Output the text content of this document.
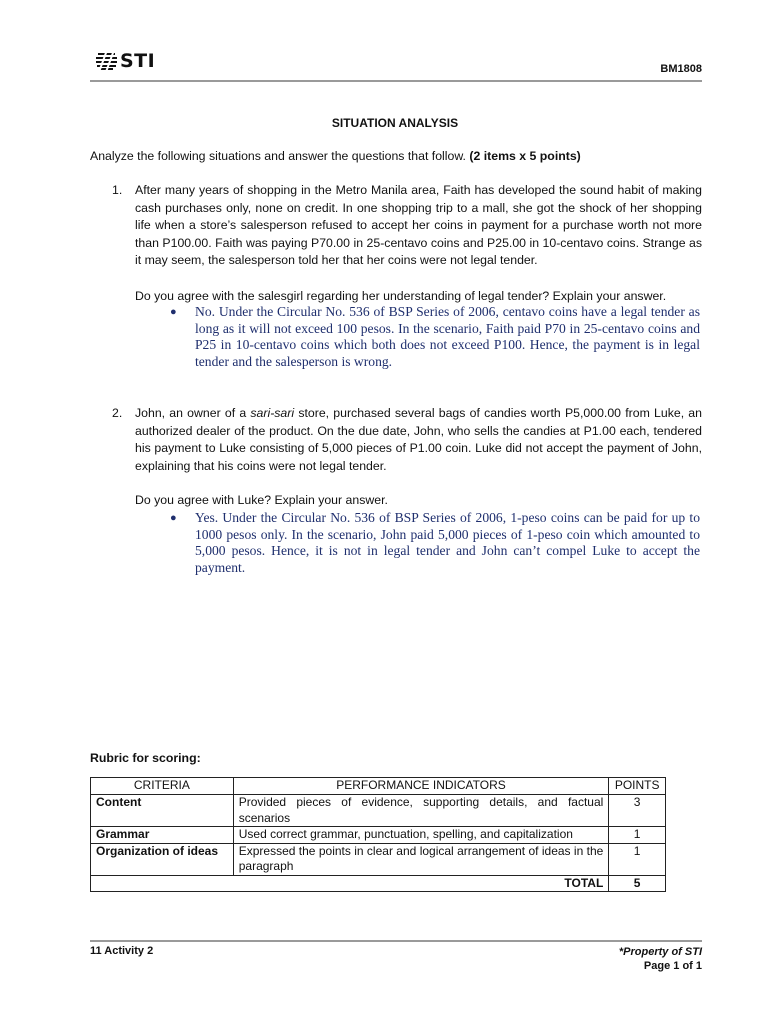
STI	BM1808
SITUATION ANALYSIS
Analyze the following situations and answer the questions that follow. (2 items x 5 points)
1. After many years of shopping in the Metro Manila area, Faith has developed the sound habit of making cash purchases only, none on credit. In one shopping trip to a mall, she got the shock of her shopping life when a store’s salesperson refused to accept her coins in payment for a purchase worth not more than P100.00. Faith was paying P70.00 in 25-centavo coins and P25.00 in 10-centavo coins. Strange as it may seem, the salesperson told her that her coins were not legal tender.
Do you agree with the salesgirl regarding her understanding of legal tender? Explain your answer.
● No. Under the Circular No. 536 of BSP Series of 2006, centavo coins have a legal tender as long as it will not exceed 100 pesos. In the scenario, Faith paid P70 in 25-centavo coins and P25 in 10-centavo coins which both does not exceed P100. Hence, the payment is in legal tender and the salesperson is wrong.
2. John, an owner of a sari-sari store, purchased several bags of candies worth P5,000.00 from Luke, an authorized dealer of the product. On the due date, John, who sells the candies at P1.00 each, tendered his payment to Luke consisting of 5,000 pieces of P1.00 coin. Luke did not accept the payment of John, explaining that his coins were not legal tender.
Do you agree with Luke? Explain your answer.
● Yes. Under the Circular No. 536 of BSP Series of 2006, 1-peso coins can be paid for up to 1000 pesos only. In the scenario, John paid 5,000 pieces of 1-peso coin which amounted to 5,000 pesos. Hence, it is not in legal tender and John can’t compel Luke to accept the payment.
Rubric for scoring:
CRITERIA	PERFORMANCE INDICATORS	POINTS
Content	Provided pieces of evidence, supporting details, and factual scenarios	3
Grammar	Used correct grammar, punctuation, spelling, and capitalization	1
Organization of ideas	Expressed the points in clear and logical arrangement of ideas in the paragraph	1
TOTAL		5
11 Activity 2	*Property of STI
Page 1 of 1
